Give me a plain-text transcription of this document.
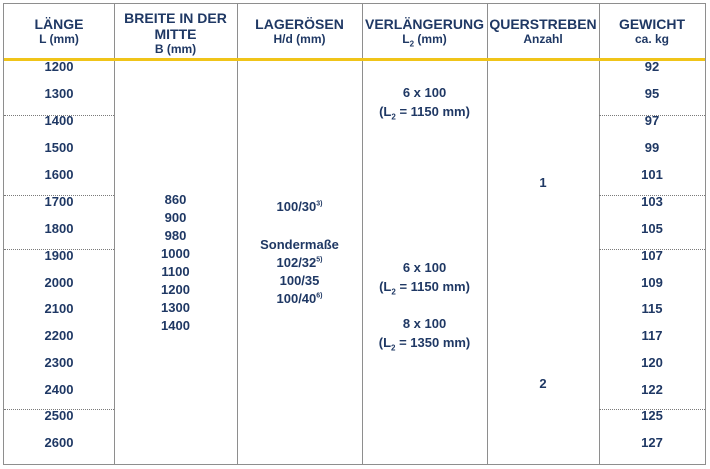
LÄNGE
L (mm)
BREITE IN DER MITTE
B (mm)
LAGERÖSEN
H/d (mm)
VERLÄNGERUNG
$L_2$ (mm)
QUERSTREBEN
Anzahl
GEWICHT
ca. kg
1200
1300
1400
1500
1600
1700
1800
1900
2000
2100
2200
2300
2400
2500
2600
92
95
97
99
101
103
105
107
109
115
117
120
122
125
127
860
900
980
1000
1100
1200
1300
1400
100/30$^{3)}$
Sondermaße
102/32$^{5)}$
100/35
100/40$^{6)}$
6 x 100
($L_2 = 1150$ mm)
6 x 100
($L_2 = 1150$ mm)
8 x 100
($L_2 = 1350$ mm)
1
2
